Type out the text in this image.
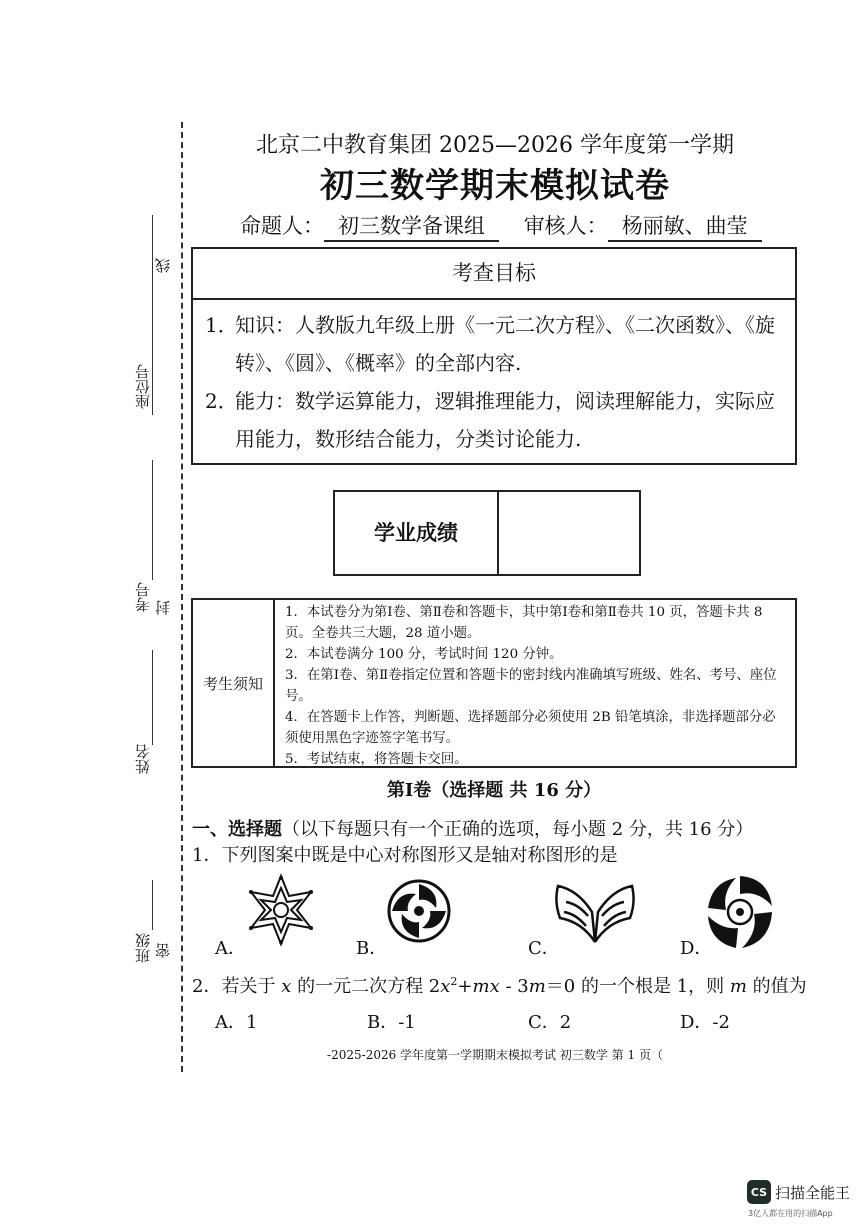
线
座位号
考号 封
姓名
班级 密
北京二中教育集团 2025—2026 学年度第一学期
初三数学期末模拟试卷
命题人： 初三数学备课组 审核人： 杨丽敏、曲莹
考查目标
1．
知识：人教版九年级上册《一元二次方程》、《二次函数》、《旋转》、《圆》、《概率》的全部内容.
2．
能力：数学运算能力，逻辑推理能力，阅读理解能力，实际应用能力，数形结合能力，分类讨论能力.
学业成绩
考生须知
1．本试卷分为第Ⅰ卷、第Ⅱ卷和答题卡，其中第Ⅰ卷和第Ⅱ卷共 10 页，答题卡共 8 页。全卷共三大题，28 道小题。
2．本试卷满分 100 分，考试时间 120 分钟。
3．在第Ⅰ卷、第Ⅱ卷指定位置和答题卡的密封线内准确填写班级、姓名、考号、座位号。
4．在答题卡上作答，判断题、选择题部分必须使用 2B 铅笔填涂，非选择题部分必须使用黑色字迹签字笔书写。
5．考试结束，将答题卡交回。
第Ⅰ卷（选择题 共 16 分）
一、选择题（以下每题只有一个正确的选项，每小题 2 分，共 16 分）
1．下列图案中既是中心对称图形又是轴对称图形的是
A．	B．	C．	D．
2．若关于 x 的一元二次方程 $2x^2+mx - 3m=0$ 的一个根是 1，则 m 的值为
A．1	B．-1	C．2	D．-2
-2025-2026 学年度第一学期期末模拟考试 初三数学 第 1 页（
CS 扫描全能王
3亿人都在用的扫描App
